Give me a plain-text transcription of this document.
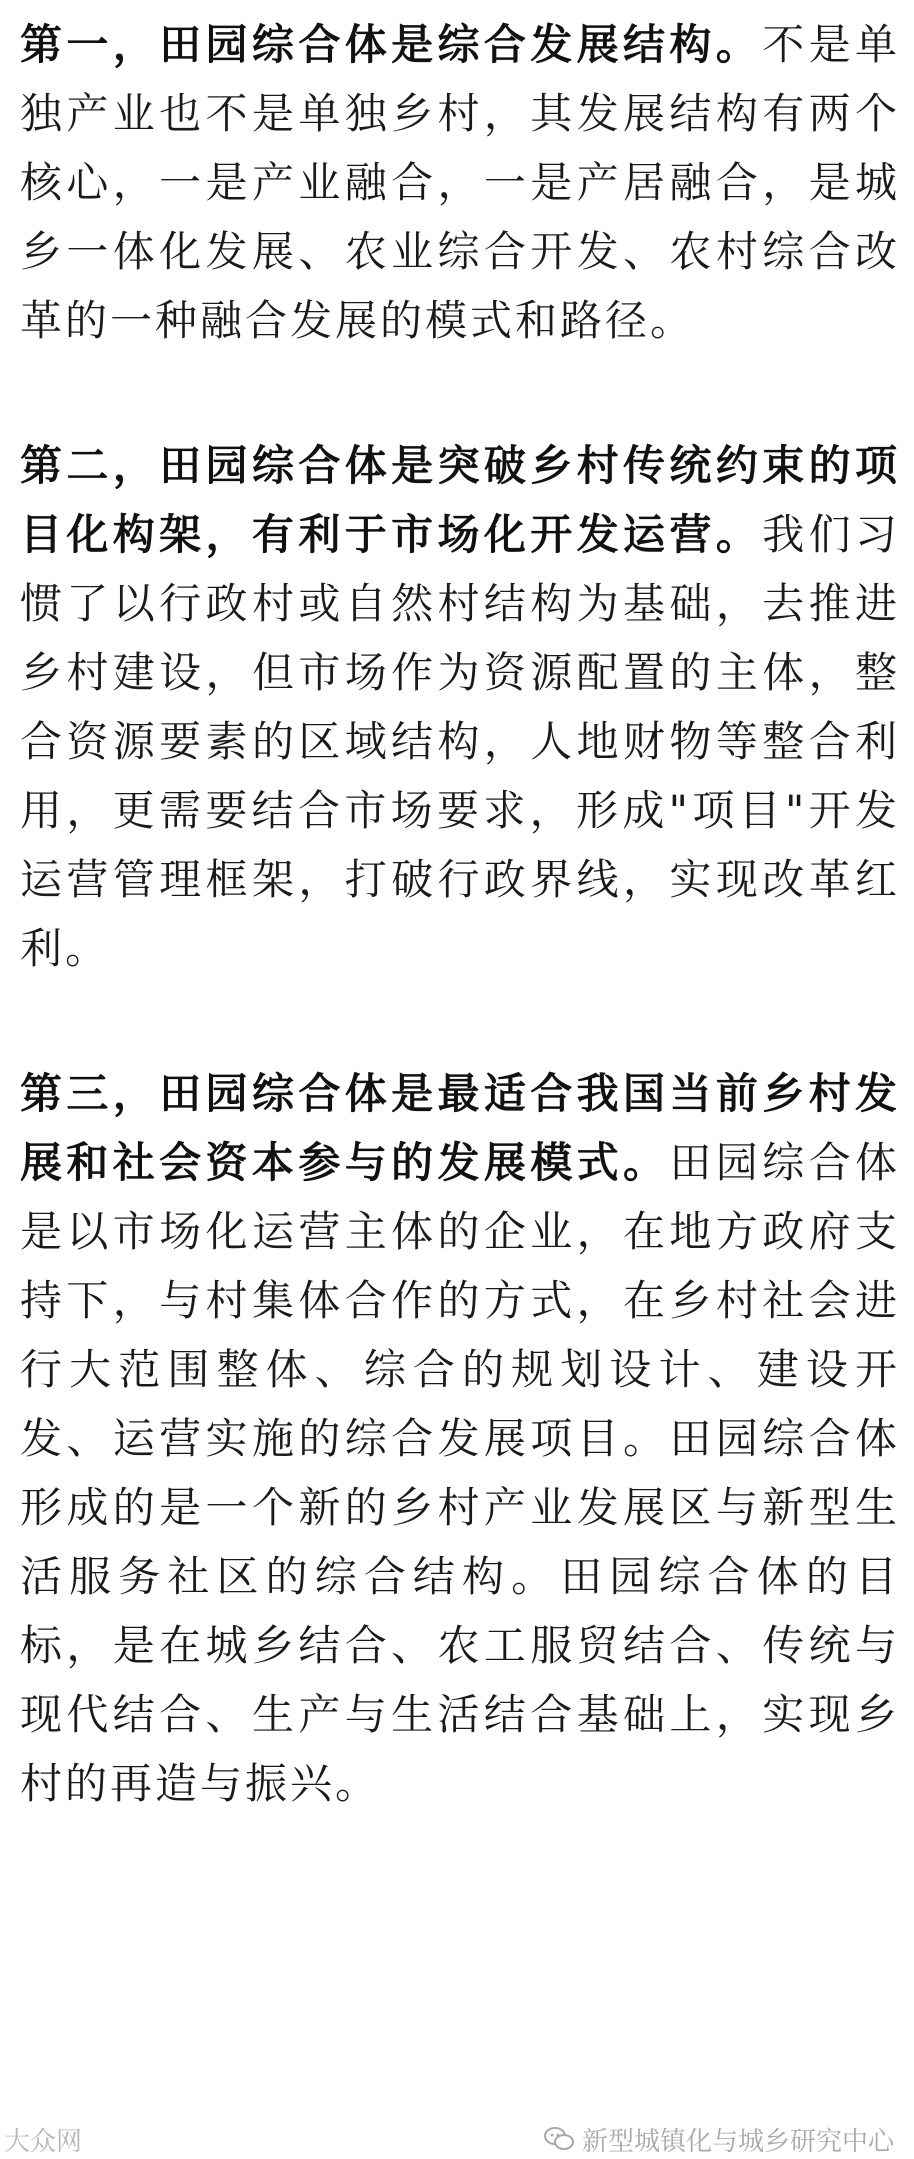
第一，田园综合体是综合发展结构。不是单独产业也不是单独乡村，其发展结构有两个核心，一是产业融合，一是产居融合，是城乡一体化发展、农业综合开发、农村综合改革的一种融合发展的模式和路径。

第二，田园综合体是突破乡村传统约束的项目化构架，有利于市场化开发运营。我们习惯了以行政村或自然村结构为基础，去推进乡村建设，但市场作为资源配置的主体，整合资源要素的区域结构，人地财物等整合利用，更需要结合市场要求，形成"项目"开发运营管理框架，打破行政界线，实现改革红利。

第三，田园综合体是最适合我国当前乡村发展和社会资本参与的发展模式。田园综合体是以市场化运营主体的企业，在地方政府支持下，与村集体合作的方式，在乡村社会进行大范围整体、综合的规划设计、建设开发、运营实施的综合发展项目。田园综合体形成的是一个新的乡村产业发展区与新型生活服务社区的综合结构。田园综合体的目标，是在城乡结合、农工服贸结合、传统与现代结合、生产与生活结合基础上，实现乡村的再造与振兴。

大众网	新型城镇化与城乡研究中心
